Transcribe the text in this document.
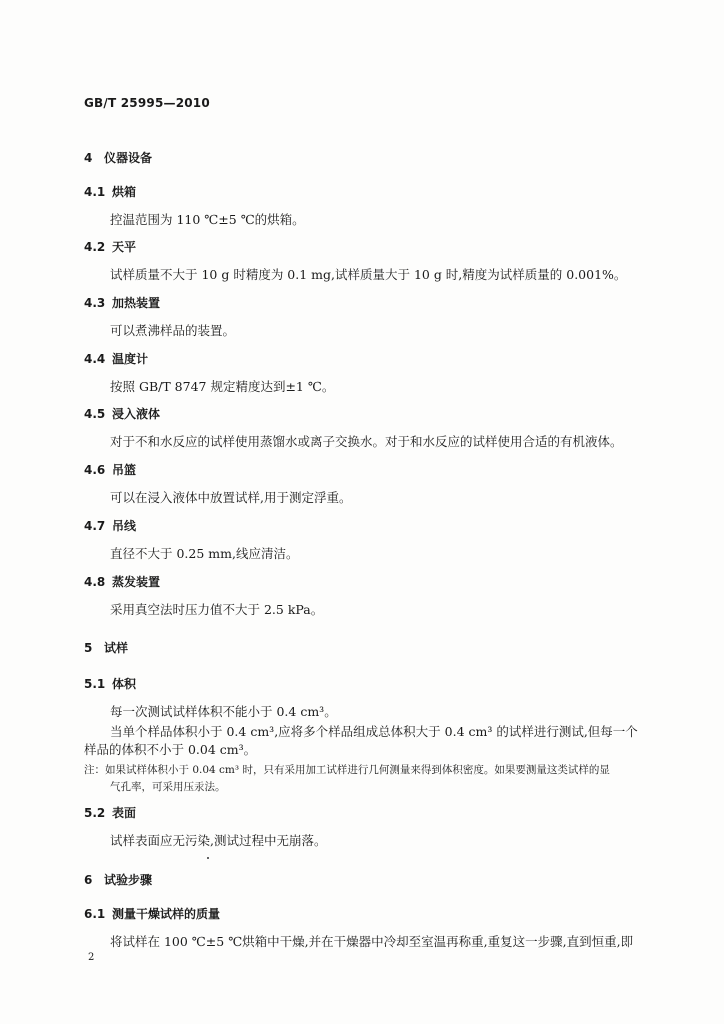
GB/T 25995—2010
4 仪器设备
4.1 烘箱
控温范围为 110 ℃±5 ℃的烘箱。
4.2 天平
试样质量不大于 10 g 时精度为 0.1 mg,试样质量大于 10 g 时,精度为试样质量的 0.001%。
4.3 加热装置
可以煮沸样品的装置。
4.4 温度计
按照 GB/T 8747 规定精度达到±1 ℃。
4.5 浸入液体
对于不和水反应的试样使用蒸馏水或离子交换水。对于和水反应的试样使用合适的有机液体。
4.6 吊篮
可以在浸入液体中放置试样,用于测定浮重。
4.7 吊线
直径不大于 0.25 mm,线应清洁。
4.8 蒸发装置
采用真空法时压力值不大于 2.5 kPa。
5 试样
5.1 体积
每一次测试试样体积不能小于 0.4 cm³。
当单个样品体积小于 0.4 cm³,应将多个样品组成总体积大于 0.4 cm³ 的试样进行测试,但每一个
样品的体积不小于 0.04 cm³。
注：如果试样体积小于 0.04 cm³ 时，只有采用加工试样进行几何测量来得到体积密度。如果要测量这类试样的显
气孔率，可采用压汞法。
5.2 表面
试样表面应无污染,测试过程中无崩落。
6 试验步骤
6.1 测量干燥试样的质量
将试样在 100 ℃±5 ℃烘箱中干燥,并在干燥器中冷却至室温再称重,重复这一步骤,直到恒重,即
2
